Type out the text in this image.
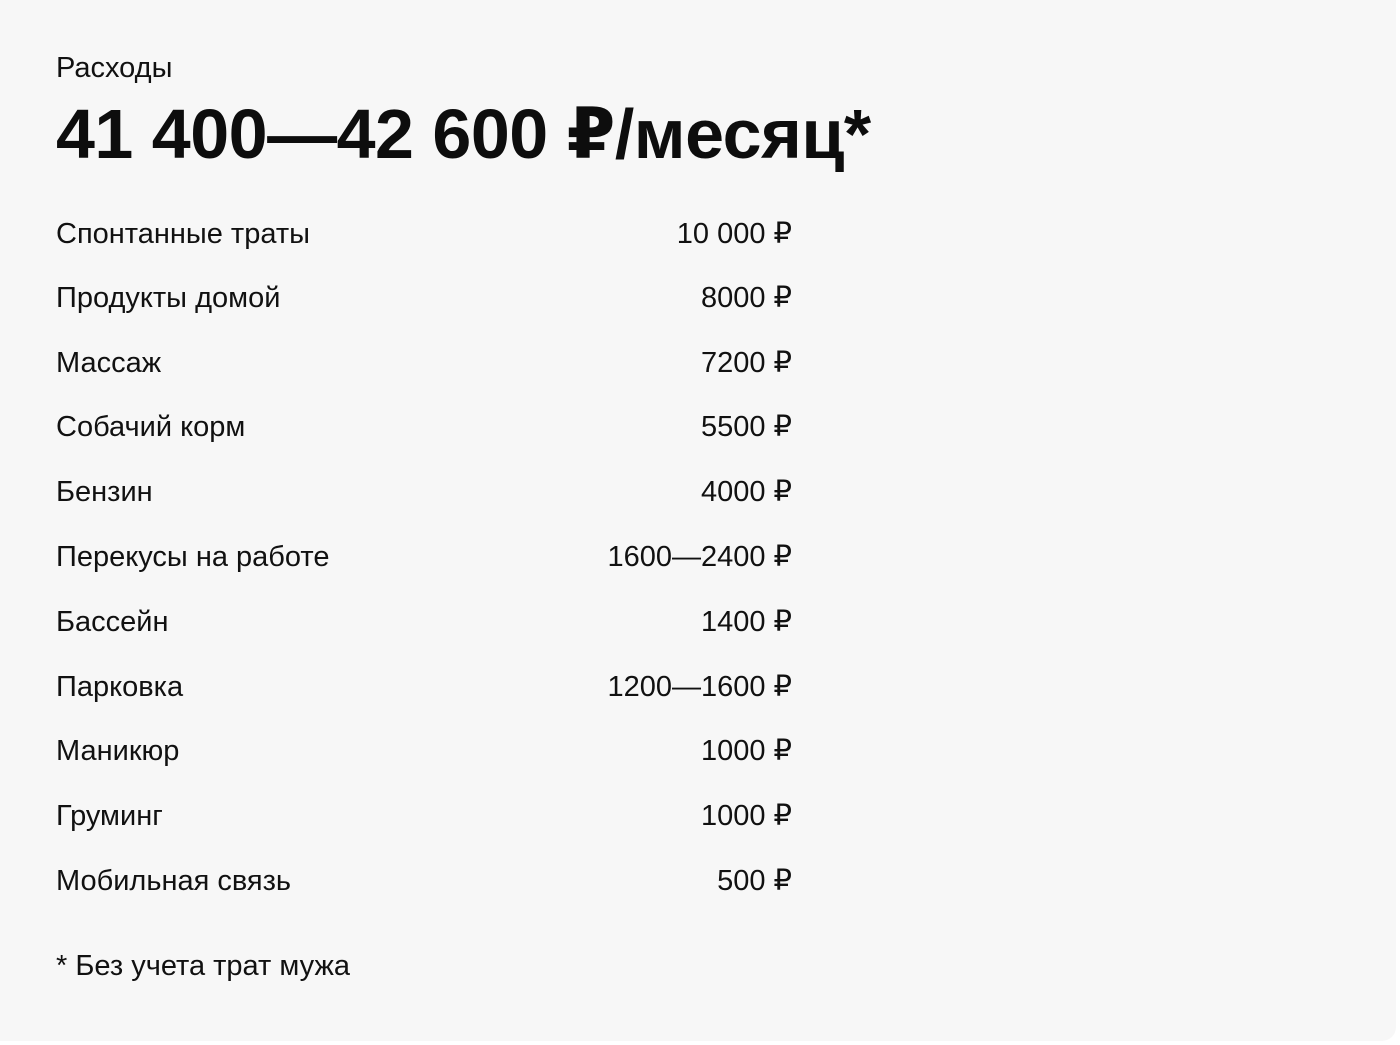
Расходы
41 400—42 600 ₽/месяц*
Спонтанные траты	10 000 ₽
Продукты домой	8000 ₽
Массаж	7200 ₽
Собачий корм	5500 ₽
Бензин	4000 ₽
Перекусы на работе	1600—2400 ₽
Бассейн	1400 ₽
Парковка	1200—1600 ₽
Маникюр	1000 ₽
Груминг	1000 ₽
Мобильная связь	500 ₽
* Без учета трат мужа
